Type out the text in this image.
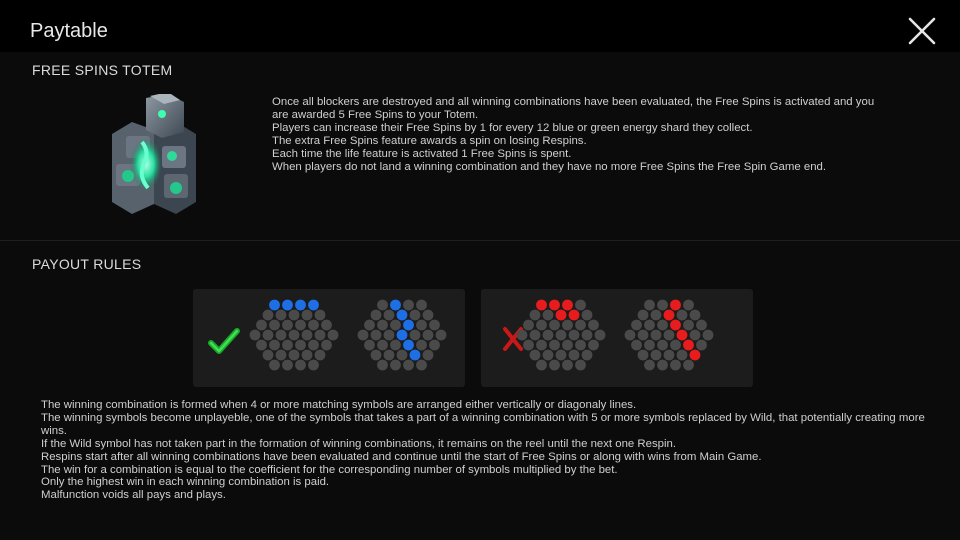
Paytable
FREE SPINS TOTEM

Once all blockers are destroyed and all winning combinations have been evaluated, the Free Spins is activated and you are awarded 5 Free Spins to your Totem.

Players can increase their Free Spins by 1 for every 12 blue or green energy shard they collect.

The extra Free Spins feature awards a spin on losing Respins.

Each time the life feature is activated 1 Free Spins is spent.

When players do not land a winning combination and they have no more Free Spins the Free Spin Game end.

PAYOUT RULES

The winning combination is formed when 4 or more matching symbols are arranged either vertically or diagonaly lines.

The winning symbols become unplayeble, one of the symbols that takes a part of a winning combination with 5 or more symbols replaced by Wild, that potentially creating more wins.

If the Wild symbol has not taken part in the formation of winning combinations, it remains on the reel until the next one Respin.

Respins start after all winning combinations have been evaluated and continue until the start of Free Spins or along with wins from Main Game.

The win for a combination is equal to the coefficient for the corresponding number of symbols multiplied by the bet.

Only the highest win in each winning combination is paid.

Malfunction voids all pays and plays.
